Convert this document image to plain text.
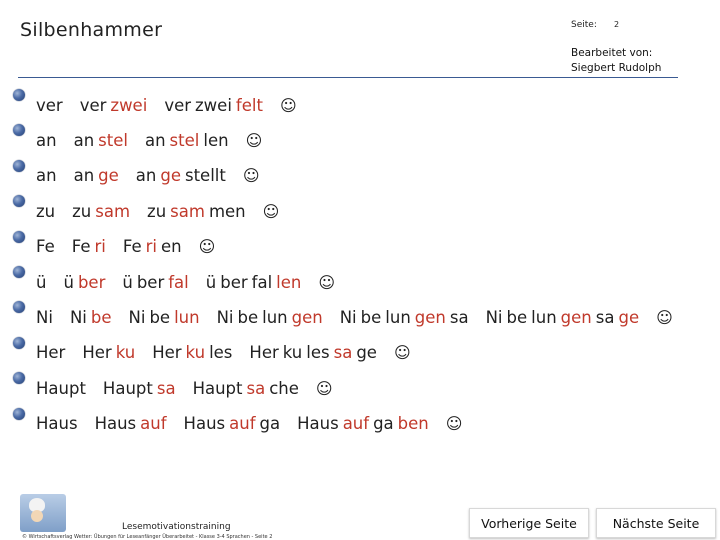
Silbenhammer	Seite: 2
Bearbeitet von:
Siegbert Rudolph
ver ver zwei ver zwei felt ☺
an an stel an stel len ☺
an an ge an ge stellt ☺
zu zu sam zu sam men ☺
Fe Fe ri Fe ri en ☺
ü ü ber ü ber fal ü ber fal len ☺
Ni Ni be Ni be lun Ni be lun gen Ni be lun gen sa Ni be lun gen sa ge ☺
Her Her ku Her ku les Her ku les sa ge ☺
Haupt Haupt sa Haupt sa che ☺
Haus Haus auf Haus auf ga Haus auf ga ben ☺
Lesemotivationstraining
© Wirtschaftsverlag Wetter: Übungen für Leseanfänger Überarbeitet - Klasse 3-4 Sprachen - Seite 2
Vorherige Seite	Nächste Seite
